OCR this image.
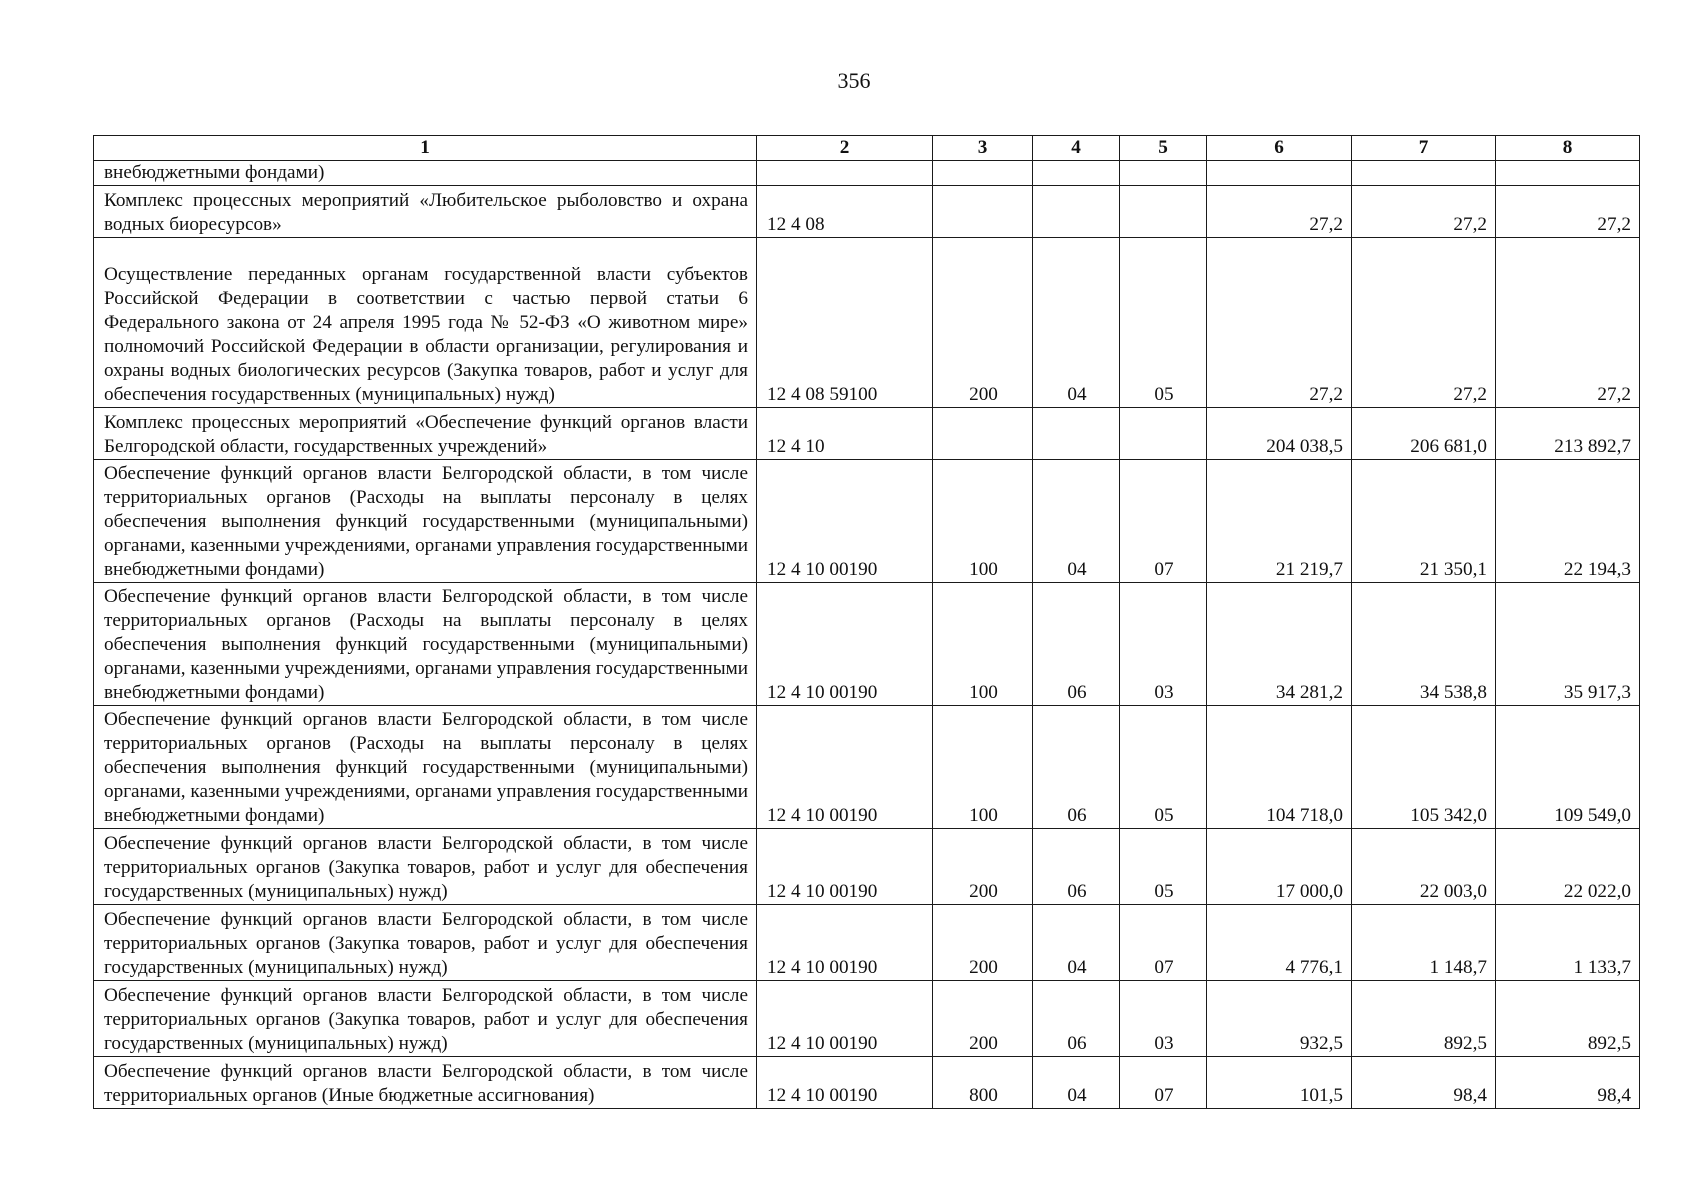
356
1	2	3	4	5	6	7	8
внебюджетными фондами)							
Комплекс процессных мероприятий «Любительское рыболовство и охрана водных биоресурсов»	12 4 08				27,2	27,2	27,2
Осуществление переданных органам государственной власти субъектов Российской Федерации в соответствии с частью первой статьи 6 Федерального закона от 24 апреля 1995 года № 52-ФЗ «О животном мире» полномочий Российской Федерации в области организации, регулирования и охраны водных биологических ресурсов (Закупка товаров, работ и услуг для обеспечения государственных (муниципальных) нужд)	12 4 08 59100	200	04	05	27,2	27,2	27,2
Комплекс процессных мероприятий «Обеспечение функций органов власти Белгородской области, государственных учреждений»	12 4 10				204 038,5	206 681,0	213 892,7
Обеспечение функций органов власти Белгородской области, в том числе территориальных органов (Расходы на выплаты персоналу в целях обеспечения выполнения функций государственными (муниципальными) органами, казенными учреждениями, органами управления государственными внебюджетными фондами)	12 4 10 00190	100	04	07	21 219,7	21 350,1	22 194,3
Обеспечение функций органов власти Белгородской области, в том числе территориальных органов (Расходы на выплаты персоналу в целях обеспечения выполнения функций государственными (муниципальными) органами, казенными учреждениями, органами управления государственными внебюджетными фондами)	12 4 10 00190	100	06	03	34 281,2	34 538,8	35 917,3
Обеспечение функций органов власти Белгородской области, в том числе территориальных органов (Расходы на выплаты персоналу в целях обеспечения выполнения функций государственными (муниципальными) органами, казенными учреждениями, органами управления государственными внебюджетными фондами)	12 4 10 00190	100	06	05	104 718,0	105 342,0	109 549,0
Обеспечение функций органов власти Белгородской области, в том числе территориальных органов (Закупка товаров, работ и услуг для обеспечения государственных (муниципальных) нужд)	12 4 10 00190	200	06	05	17 000,0	22 003,0	22 022,0
Обеспечение функций органов власти Белгородской области, в том числе территориальных органов (Закупка товаров, работ и услуг для обеспечения государственных (муниципальных) нужд)	12 4 10 00190	200	04	07	4 776,1	1 148,7	1 133,7
Обеспечение функций органов власти Белгородской области, в том числе территориальных органов (Закупка товаров, работ и услуг для обеспечения государственных (муниципальных) нужд)	12 4 10 00190	200	06	03	932,5	892,5	892,5
Обеспечение функций органов власти Белгородской области, в том числе территориальных органов (Иные бюджетные ассигнования)	12 4 10 00190	800	04	07	101,5	98,4	98,4
